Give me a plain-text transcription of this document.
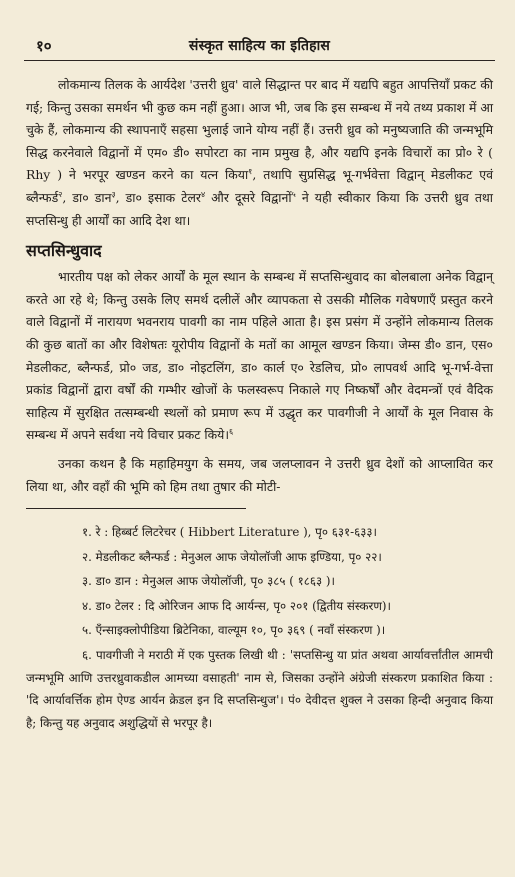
१०	संस्कृत साहित्य का इतिहास

लोकमान्य तिलक के आर्यदेश 'उत्तरी ध्रुव' वाले सिद्धान्त पर बाद में यद्यपि बहुत आपत्तियाँ प्रकट की गई; किन्तु उसका समर्थन भी कुछ कम नहीं हुआ। आज भी, जब कि इस सम्बन्ध में नये तथ्य प्रकाश में आ चुके हैं, लोकमान्य की स्थापनाएँ सहसा भुलाई जाने योग्य नहीं हैं। उत्तरी ध्रुव को मनुष्यजाति की जन्मभूमि सिद्ध करनेवाले विद्वानों में एम० डी० सपोरटा का नाम प्रमुख है, और यद्यपि इनके विचारों का प्रो० रे ( Rhy ) ने भरपूर खण्डन करने का यत्न किया$^१$, तथापि सुप्रसिद्ध भू-गर्भवेत्ता विद्वान् मेडलीकट एवं ब्लैन्फर्ड$^२$, डा० डान$^३$, डा० इसाक टेलर$^४$ और दूसरे विद्वानों$^५$ ने यही स्वीकार किया कि उत्तरी ध्रुव तथा सप्तसिन्धु ही आर्यों का आदि देश था।

सप्तसिन्धुवाद

भारतीय पक्ष को लेकर आर्यों के मूल स्थान के सम्बन्ध में सप्तसिन्धुवाद का बोलबाला अनेक विद्वान् करते आ रहे थे; किन्तु उसके लिए समर्थ दलीलें और व्यापकता से उसकी मौलिक गवेषणाएँ प्रस्तुत करने वाले विद्वानों में नारायण भवनराय पावगी का नाम पहिले आता है। इस प्रसंग में उन्होंने लोकमान्य तिलक की कुछ बातों का और विशेषतः यूरोपीय विद्वानों के मतों का आमूल खण्डन किया। जेम्स डी० डान, एस० मेडलीकट, ब्लैन्फर्ड, प्रो० जड, डा० नोइटलिंग, डा० कार्ल ए० रेडलिच, प्रो० लापवर्थ आदि भू-गर्भ-वेत्ता प्रकांड विद्वानों द्वारा वर्षों की गम्भीर खोजों के फलस्वरूप निकाले गए निष्कर्षों और वेदमन्त्रों एवं वैदिक साहित्य में सुरक्षित तत्सम्बन्धी स्थलों को प्रमाण रूप में उद्धृत कर पावगीजी ने आर्यों के मूल निवास के सम्बन्ध में अपने सर्वथा नये विचार प्रकट किये।$^६$

उनका कथन है कि महाहिमयुग के समय, जब जलप्लावन ने उत्तरी ध्रुव देशों को आप्लावित कर लिया था, और वहाँ की भूमि को हिम तथा तुषार की मोटी-

१. रे : हिब्बर्ट लिटरेचर ( Hibbert Literature ), पृ० ६३१-६३३।
२. मेडलीकट ब्लैन्फर्ड : मेनुअल आफ जेयोलॉजी आफ इण्डिया, पृ० २२।
३. डा० डान : मेनुअल आफ जेयोलॉजी, पृ० ३८५ ( १८६३ )।
४. डा० टेलर : दि ओरिजन आफ दि आर्यन्स, पृ० २०१ (द्वितीय संस्करण)।
५. एँन्साइक्लोपीडिया ब्रिटेनिका, वाल्यूम १०, पृ० ३६९ ( नवाँ संस्करण )।
६. पावगीजी ने मराठी में एक पुस्तक लिखी थी : 'सप्तसिन्धु या प्रांत अथवा आर्यावर्त्तांतील आमची जन्मभूमि आणि उत्तरध्रुवाकडील आमच्या वसाहती' नाम से, जिसका उन्होंने अंग्रेजी संस्करण प्रकाशित किया : 'दि आर्यावर्त्तिक होम ऐण्ड आर्यन क्रेडल इन दि सप्तसिन्धुज'। पं० देवीदत्त शुक्ल ने उसका हिन्दी अनुवाद किया है; किन्तु यह अनुवाद अशुद्धियों से भरपूर है।
